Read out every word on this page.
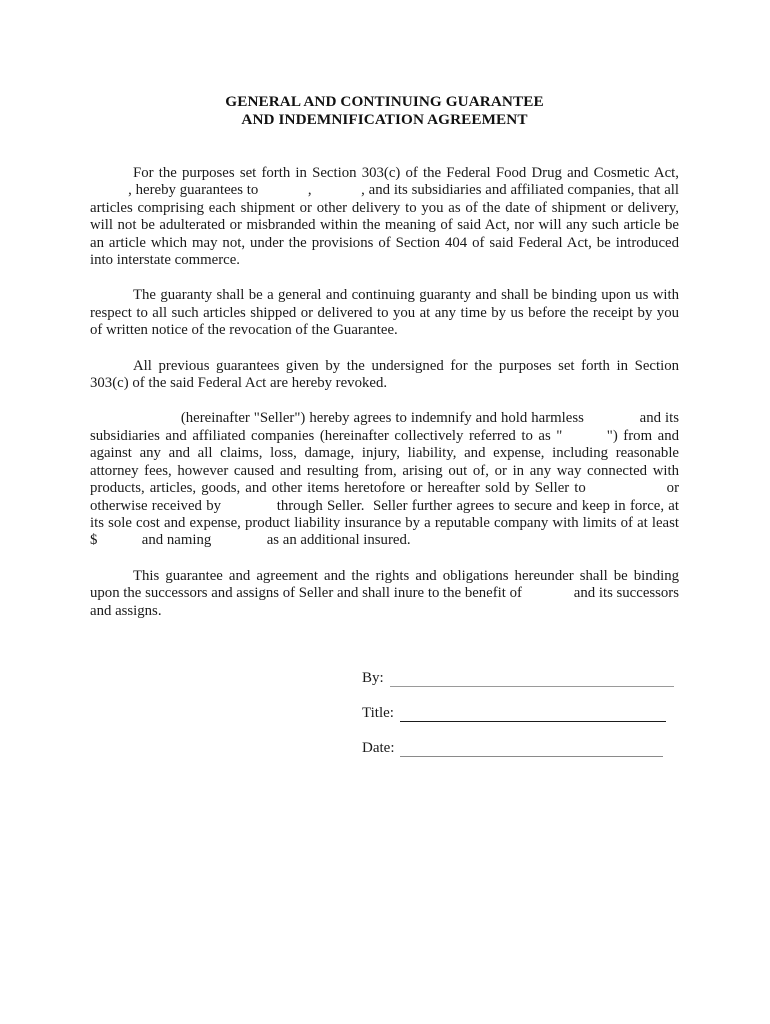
GENERAL AND CONTINUING GUARANTEE
AND INDEMNIFICATION AGREEMENT

For the purposes set forth in Section 303(c) of the Federal Food Drug and Cosmetic Act,           , hereby guarantees to             ,             , and its subsidiaries and affiliated companies, that all articles comprising each shipment or other delivery to you as of the date of shipment or delivery, will not be adulterated or misbranded within the meaning of said Act, nor will any such article be an article which may not, under the provisions of Section 404 of said Federal Act, be introduced into interstate commerce.

The guaranty shall be a general and continuing guaranty and shall be binding upon us with respect to all such articles shipped or delivered to you at any time by us before the receipt by you of written notice of the revocation of the Guarantee.

All previous guarantees given by the undersigned for the purposes set forth in Section 303(c) of the said Federal Act are hereby revoked.

(hereinafter "Seller") hereby agrees to indemnify and hold harmless              and its subsidiaries and affiliated companies (hereinafter collectively referred to as "        ") from and against any and all claims, loss, damage, injury, liability, and expense, including reasonable attorney fees, however caused and resulting from, arising out of, or in any way connected with products, articles, goods, and other items heretofore or hereafter sold by Seller to                or otherwise received by             through Seller.  Seller further agrees to secure and keep in force, at its sole cost and expense, product liability insurance by a reputable company with limits of at least $            and naming               as an additional insured.

This guarantee and agreement and the rights and obligations hereunder shall be binding upon the successors and assigns of Seller and shall inure to the benefit of              and its successors and assigns.

By:
Title:
Date:
